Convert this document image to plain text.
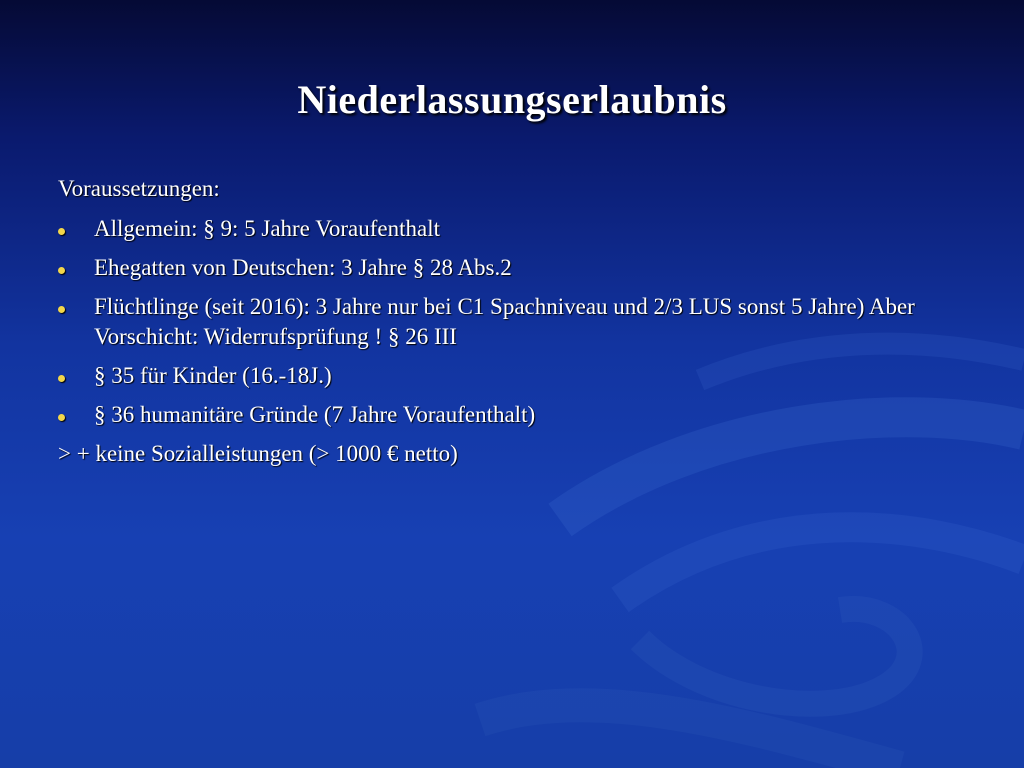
Niederlassungserlaubnis

Voraussetzungen:

Allgemein: § 9: 5 Jahre Voraufenthalt
Ehegatten von Deutschen: 3 Jahre § 28 Abs.2
Flüchtlinge (seit 2016): 3 Jahre nur bei C1 Spachniveau und 2/3 LUS sonst 5 Jahre) Aber Vorschicht: Widerrufsprüfung ! § 26 III
§ 35 für Kinder (16.-18J.)
§ 36 humanitäre Gründe (7 Jahre Voraufenthalt)

> + keine Sozialleistungen (> 1000 € netto)
